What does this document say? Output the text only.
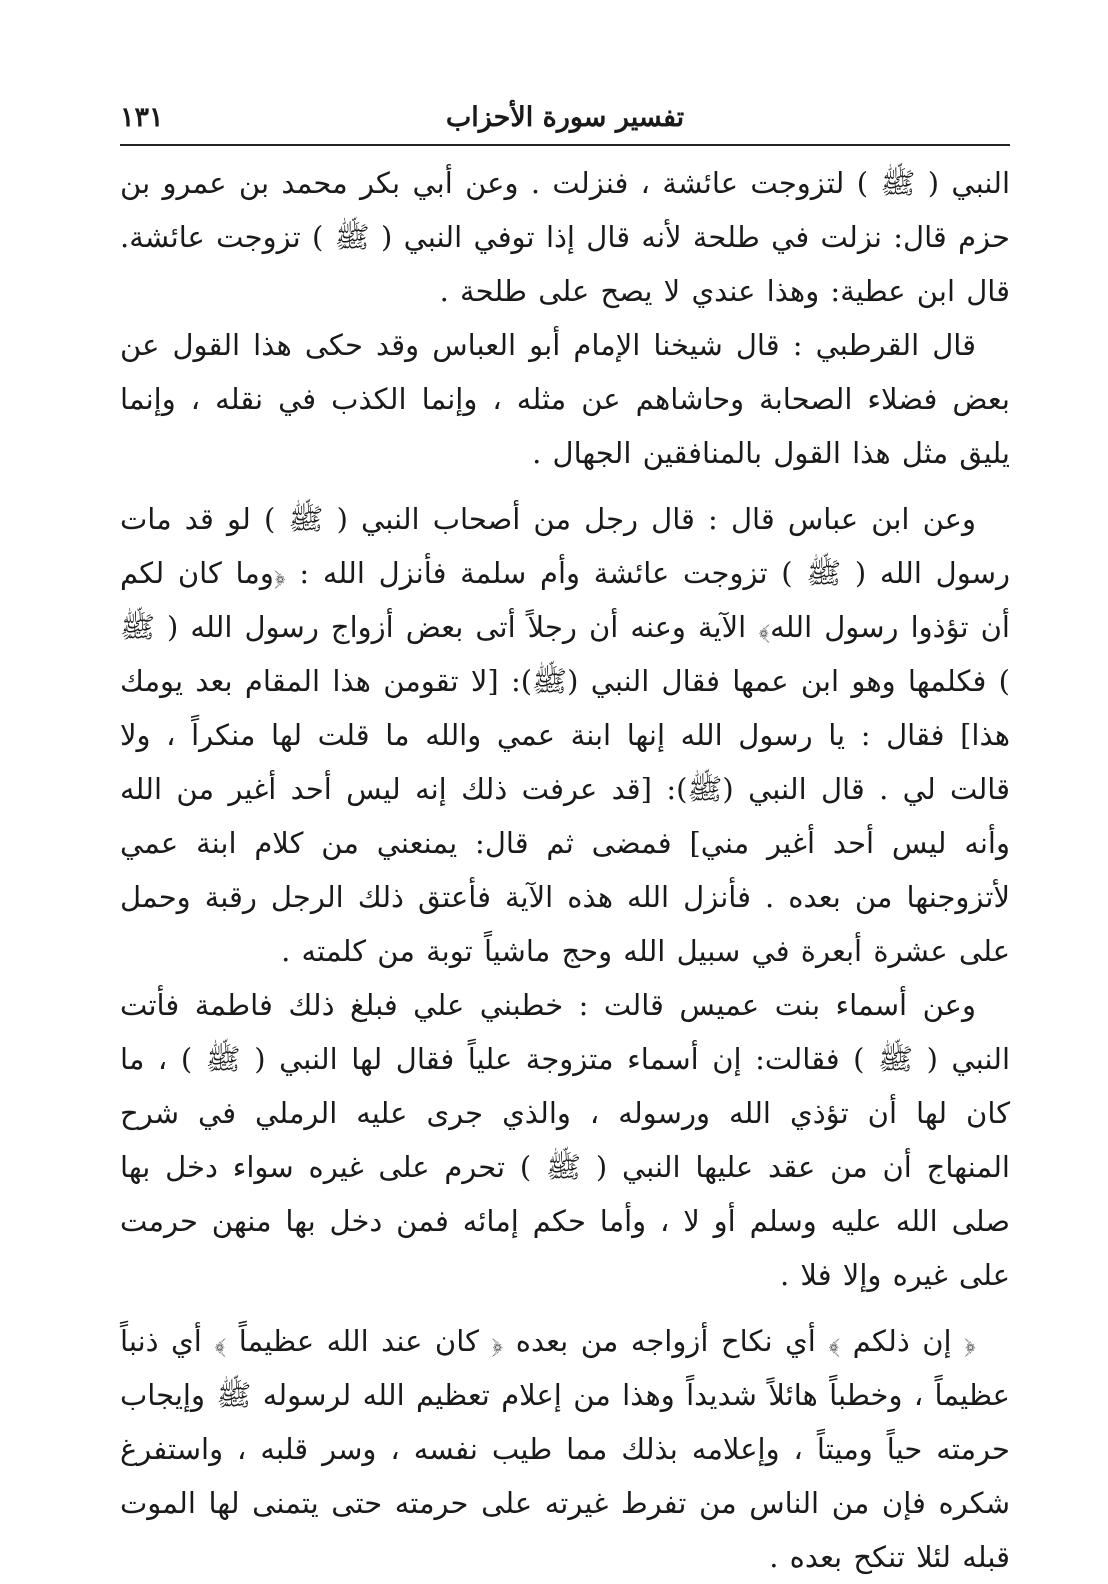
١٣١	تفسير سورة الأحزاب

النبي ( ﷺ ) لتزوجت عائشة ، فنزلت . وعن أبي بكر محمد بن عمرو بن حزم قال: نزلت في طلحة لأنه قال إذا توفي النبي ( ﷺ ) تزوجت عائشة. قال ابن عطية: وهذا عندي لا يصح على طلحة .

قال القرطبي : قال شيخنا الإمام أبو العباس وقد حكى هذا القول عن بعض فضلاء الصحابة وحاشاهم عن مثله ، وإنما الكذب في نقله ، وإنما يليق مثل هذا القول بالمنافقين الجهال .

وعن ابن عباس قال : قال رجل من أصحاب النبي ( ﷺ ) لو قد مات رسول الله ( ﷺ ) تزوجت عائشة وأم سلمة فأنزل الله : ﴿وما كان لكم أن تؤذوا رسول الله﴾ الآية وعنه أن رجلاً أتى بعض أزواج رسول الله ( ﷺ ) فكلمها وهو ابن عمها فقال النبي (ﷺ): [لا تقومن هذا المقام بعد يومك هذا] فقال : يا رسول الله إنها ابنة عمي والله ما قلت لها منكراً ، ولا قالت لي . قال النبي (ﷺ): [قد عرفت ذلك إنه ليس أحد أغير من الله وأنه ليس أحد أغير مني] فمضى ثم قال: يمنعني من كلام ابنة عمي لأتزوجنها من بعده . فأنزل الله هذه الآية فأعتق ذلك الرجل رقبة وحمل على عشرة أبعرة في سبيل الله وحج ماشياً توبة من كلمته .

وعن أسماء بنت عميس قالت : خطبني علي فبلغ ذلك فاطمة فأتت النبي ( ﷺ ) فقالت: إن أسماء متزوجة علياً فقال لها النبي ( ﷺ ) ، ما كان لها أن تؤذي الله ورسوله ، والذي جرى عليه الرملي في شرح المنهاج أن من عقد عليها النبي ( ﷺ ) تحرم على غيره سواء دخل بها صلى الله عليه وسلم أو لا ، وأما حكم إمائه فمن دخل بها منهن حرمت على غيره وإلا فلا .

﴿ إن ذلكم ﴾ أي نكاح أزواجه من بعده ﴿ كان عند الله عظيماً ﴾ أي ذنباً عظيماً ، وخطباً هائلاً شديداً وهذا من إعلام تعظيم الله لرسوله ﷺ وإيجاب حرمته حياً وميتاً ، وإعلامه بذلك مما طيب نفسه ، وسر قلبه ، واستفرغ شكره فإن من الناس من تفرط غيرته على حرمته حتى يتمنى لها الموت قبله لئلا تنكح بعده .
